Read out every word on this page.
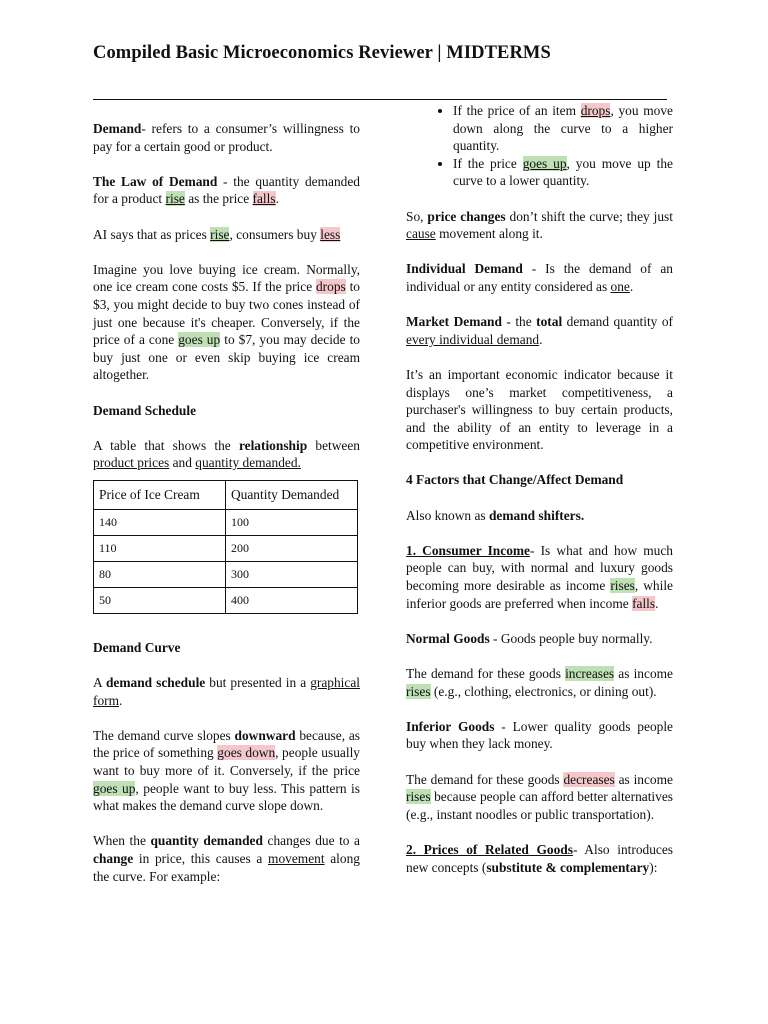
Compiled Basic Microeconomics Reviewer | MIDTERMS

Demand- refers to a consumer’s willingness to pay for a certain good or product.

The Law of Demand - the quantity demanded for a product rise as the price falls.

AI says that as prices rise, consumers buy less

Imagine you love buying ice cream. Normally, one ice cream cone costs $5. If the price drops to $3, you might decide to buy two cones instead of just one because it's cheaper. Conversely, if the price of a cone goes up to $7, you may decide to buy just one or even skip buying ice cream altogether.

Demand Schedule

A table that shows the relationship between product prices and quantity demanded.

Price of Ice Cream	Quantity Demanded
140	100
110	200
80	300
50	400

Demand Curve

A demand schedule but presented in a graphical form.

The demand curve slopes downward because, as the price of something goes down, people usually want to buy more of it. Conversely, if the price goes up, people want to buy less. This pattern is what makes the demand curve slope down.

When the quantity demanded changes due to a change in price, this causes a movement along the curve. For example:

• If the price of an item drops, you move down along the curve to a higher quantity.
• If the price goes up, you move up the curve to a lower quantity.

So, price changes don’t shift the curve; they just cause movement along it.

Individual Demand - Is the demand of an individual or any entity considered as one.

Market Demand - the total demand quantity of every individual demand.

It’s an important economic indicator because it displays one’s market competitiveness, a purchaser's willingness to buy certain products, and the ability of an entity to leverage in a competitive environment.

4 Factors that Change/Affect Demand

Also known as demand shifters.

1. Consumer Income- Is what and how much people can buy, with normal and luxury goods becoming more desirable as income rises, while inferior goods are preferred when income falls.

Normal Goods - Goods people buy normally.

The demand for these goods increases as income rises (e.g., clothing, electronics, or dining out).

Inferior Goods - Lower quality goods people buy when they lack money.

The demand for these goods decreases as income rises because people can afford better alternatives (e.g., instant noodles or public transportation).

2. Prices of Related Goods- Also introduces new concepts (substitute & complementary):
